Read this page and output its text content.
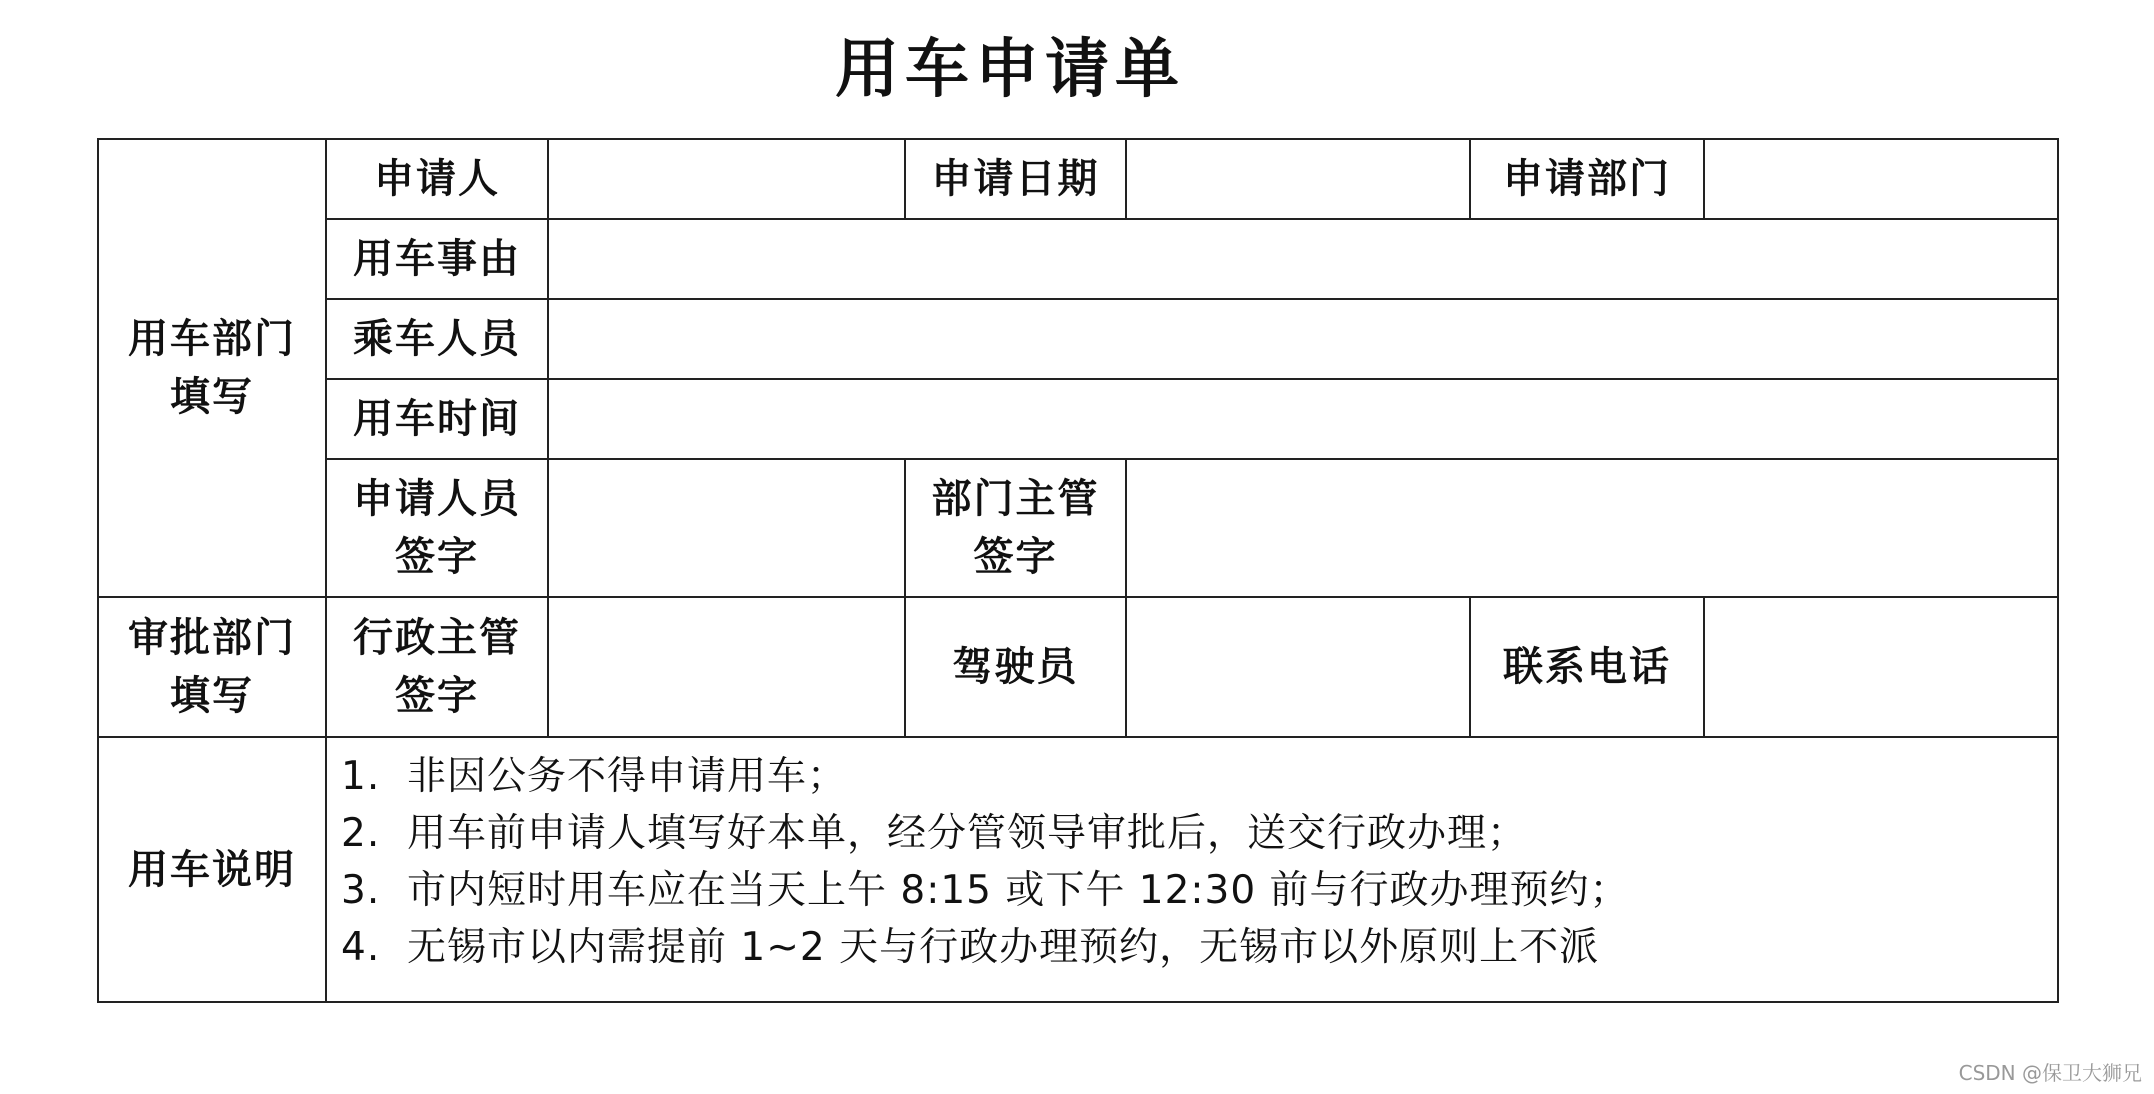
用车申请单
用车部门填写	申请人		申请日期		申请部门	
	用车事由					
	乘车人员					
	用车时间					

	申请人员签字		部门主管签字			

审批部门填写	行政主管签字		驾驶员		联系电话	
用车说明	1. 非因公务不得申请用车；
2. 用车前申请人填写好本单，经分管领导审批后，送交行政办理；
3. 市内短时用车应在当天上午 8:15 或下午 12:30 前与行政办理预约；
4. 无锡市以内需提前 1~2 天与行政办理预约，无锡市以外原则上不派					
CSDN @保卫大狮兄
